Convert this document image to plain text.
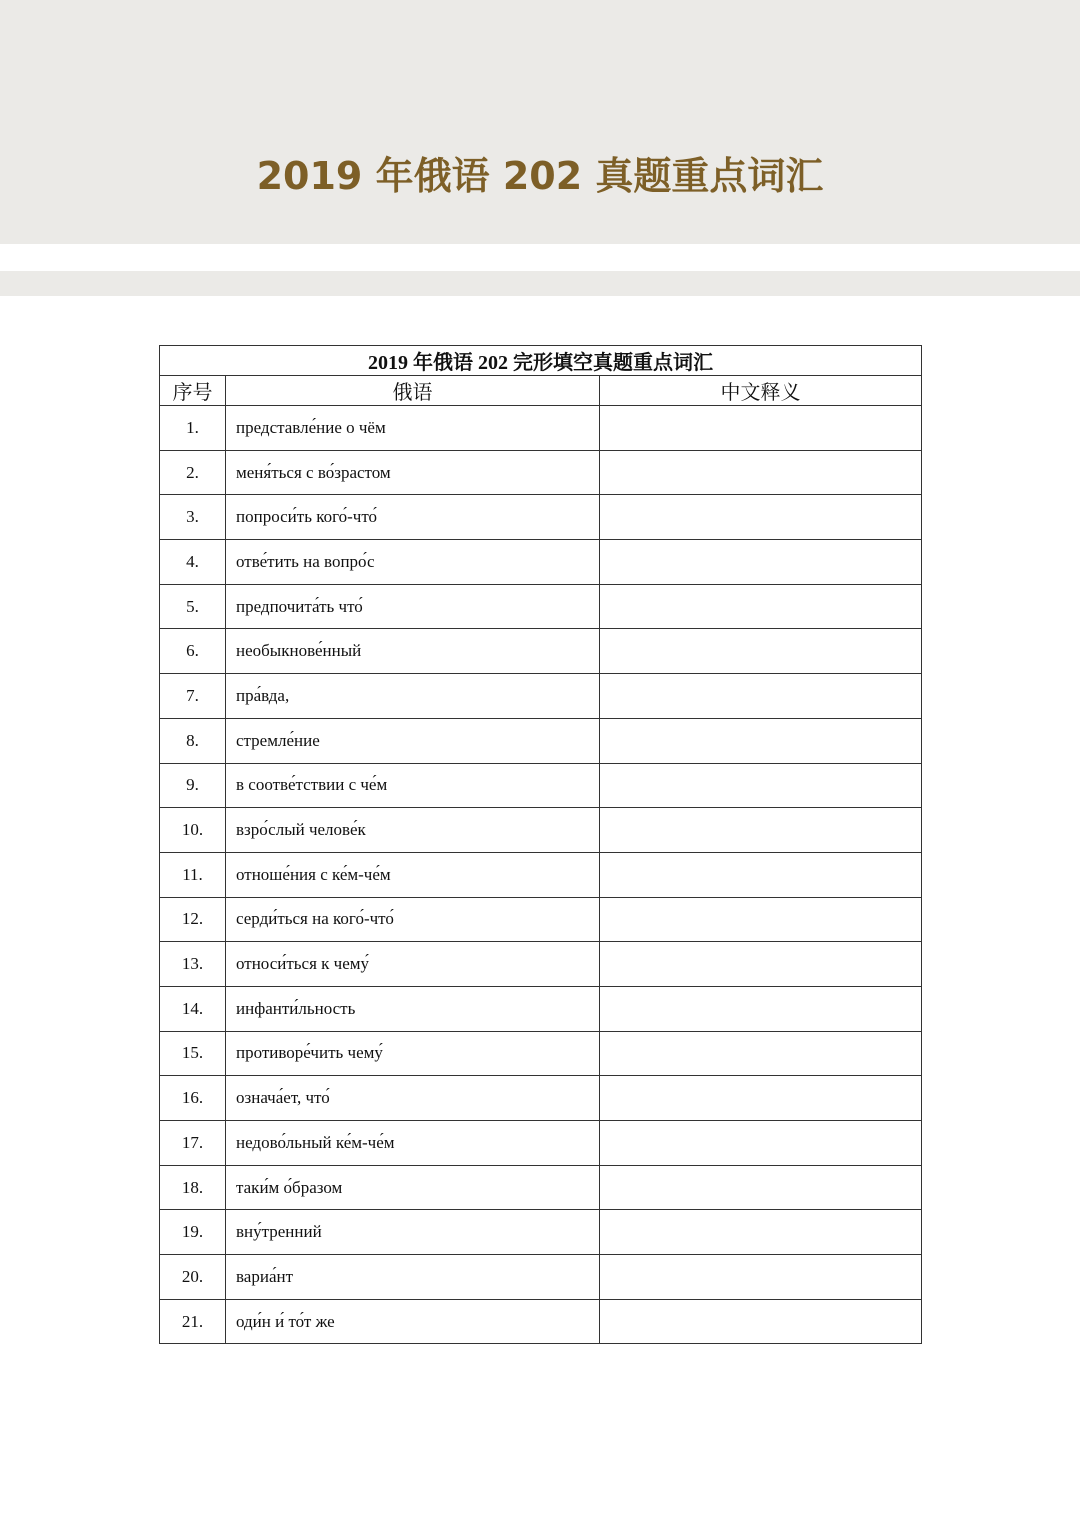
2019 年俄语 202 真题重点词汇
2019 年俄语 202 完形填空真题重点词汇		
序号	俄语	中文释义
1.	представле́ние о чём	
2.	меня́ться с во́зрастом	
3.	попроси́ть кого́-что́	
4.	отве́тить на вопро́с	
5.	предпочита́ть что́	
6.	необыкнове́нный	
7.	пра́вда,	
8.	стремле́ние	
9.	в соотве́тствии с че́м	
10.	взро́слый челове́к	
11.	отноше́ния с ке́м-че́м	
12.	серди́ться на кого́-что́	
13.	относи́ться к чему́	
14.	инфанти́льность	
15.	противоре́чить чему́	
16.	означа́ет, что́	
17.	недово́льный ке́м-че́м	
18.	таки́м о́бразом	
19.	вну́тренний	
20.	вариа́нт	
21.	оди́н и́ то́т же	
